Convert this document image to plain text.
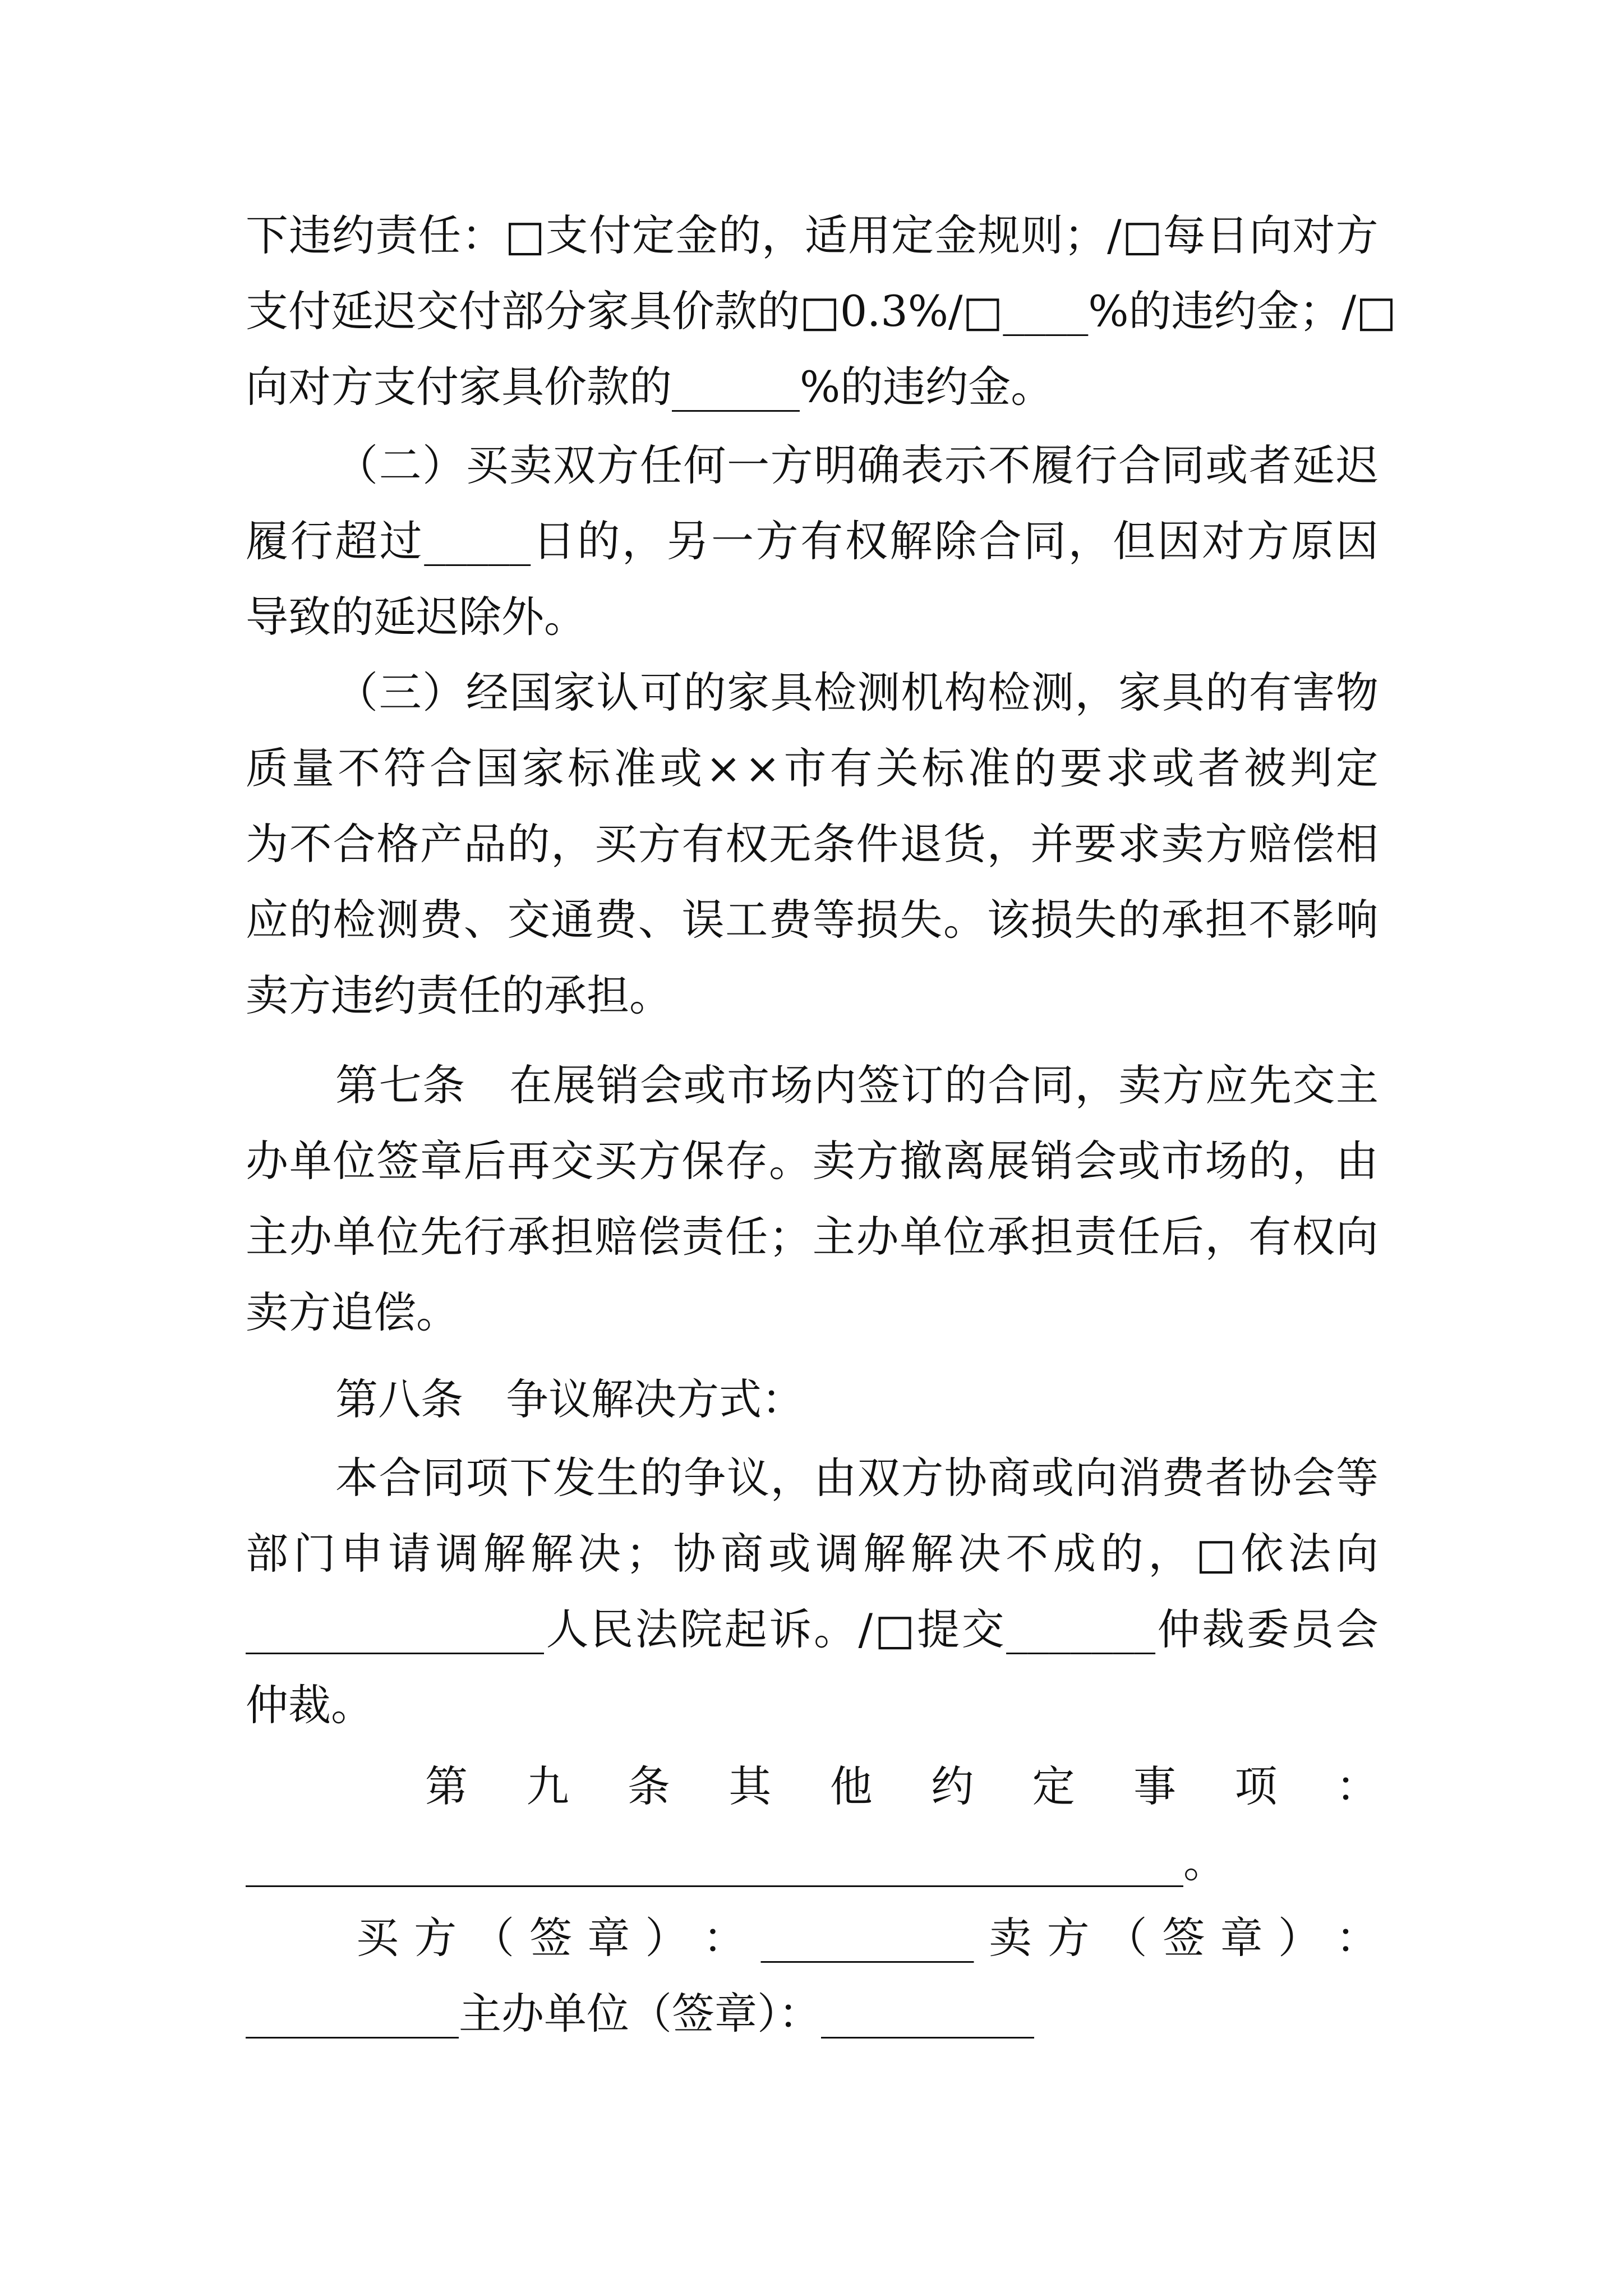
下 违 约 责 任 ： □ 支 付 定 金 的 ， 适 用 定 金 规 则 ； / □ 每 日 向 对 方
支 付 延 迟 交 付 部 分 家 具 价 款 的 □ 0 . 3 % / □ ____ % 的 违 约 金 ； / □
向对方支付家具价款的______%的违约金。
（ 二 ） 买 卖 双 方 任 何 一 方 明 确 表 示 不 履 行 合 同 或 者 延 迟
履 行 超 过 _____ 日 的 ， 另 一 方 有 权 解 除 合 同 ， 但 因 对 方 原 因
导致的延迟除外。
（ 三 ） 经 国 家 认 可 的 家 具 检 测 机 构 检 测 ， 家 具 的 有 害 物
质 量 不 符 合 国 家 标 准 或 × × 市 有 关 标 准 的 要 求 或 者 被 判 定
为 不 合 格 产 品 的 ， 买 方 有 权 无 条 件 退 货 ， 并 要 求 卖 方 赔 偿 相
应 的 检 测 费 、 交 通 费 、 误 工 费 等 损 失 。 该 损 失 的 承 担 不 影 响
卖方违约责任的承担。
第 七 条
　 在 展 销 会 或 市 场 内 签 订 的 合 同 ， 卖 方 应 先 交 主
办 单 位 签 章 后 再 交 买 方 保 存 。 卖 方 撤 离 展 销 会 或 市 场 的 ， 由
主 办 单 位 先 行 承 担 赔 偿 责 任 ； 主 办 单 位 承 担 责 任 后 ， 有 权 向
卖方追偿。
第八条　争议解决方式：
本 合 同 项 下 发 生 的 争 议 ， 由 双 方 协 商 或 向 消 费 者 协 会 等
部 门 申 请 调 解 解 决 ； 协 商 或 调 解 解 决 不 成 的 ， □ 依 法 向
______________ 人 民 法 院 起 诉 。 / □ 提 交 _______ 仲 裁 委 员 会
仲裁。
第 九 条 其 他 约 定 事 项 ：
____________________________________________。
买 方 （ 签 章 ） ： __________ 卖 方 （ 签 章 ） ：
__________主办单位（签章）：__________
